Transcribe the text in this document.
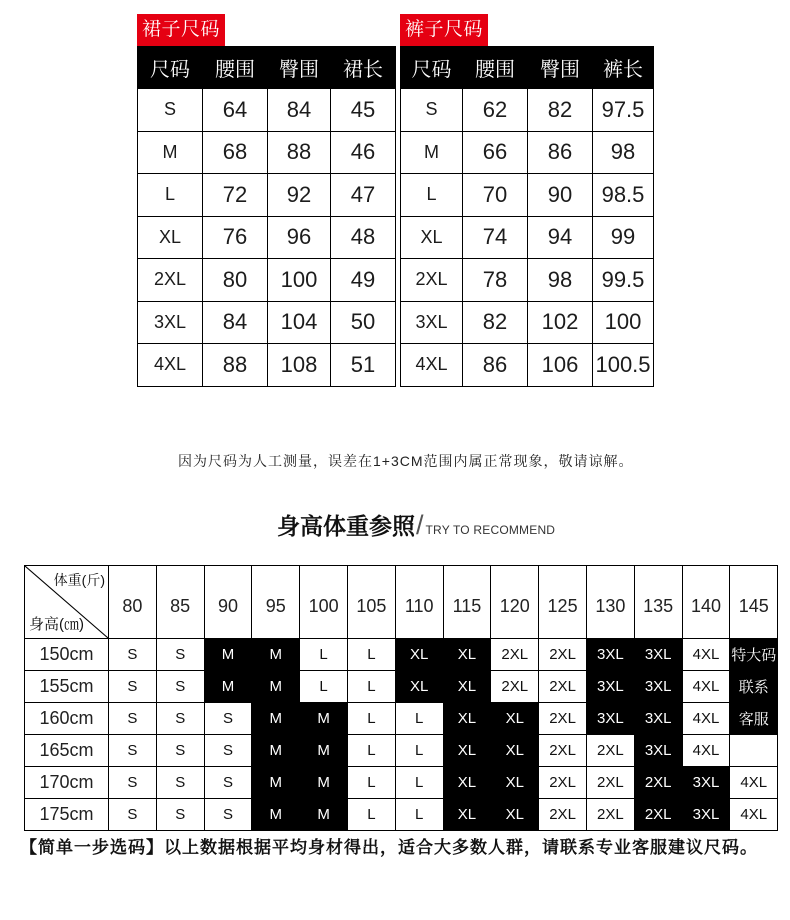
裙子尺码
尺码	腰围	臀围	裙长
S	64	84	45
M	68	88	46
L	72	92	47
XL	76	96	48
2XL	80	100	49
3XL	84	104	50
4XL	88	108	51
裤子尺码
尺码	腰围	臀围	裤长
S	62	82	97.5
M	66	86	98
L	70	90	98.5
XL	74	94	99
2XL	78	98	99.5
3XL	82	102	100
4XL	86	106	100.5
因为尺码为人工测量，误差在1+3CM范围内属正常现象，敬请谅解。
身高体重参照 / TRY TO RECOMMEND
体重(斤)
身高(㎝)	80	85	90	95	100	105	110	115	120	125	130	135	140	145
150cm	S	S	M	M	L	L	XL	XL	2XL	2XL	3XL	3XL	4XL	特大码
155cm	S	S	M	M	L	L	XL	XL	2XL	2XL	3XL	3XL	4XL	联系
160cm	S	S	S	M	M	L	L	XL	XL	2XL	3XL	3XL	4XL	客服
165cm	S	S	S	M	M	L	L	XL	XL	2XL	2XL	3XL	4XL	
170cm	S	S	S	M	M	L	L	XL	XL	2XL	2XL	2XL	3XL	4XL
175cm	S	S	S	M	M	L	L	XL	XL	2XL	2XL	2XL	3XL	4XL
【简单一步选码】以上数据根据平均身材得出，适合大多数人群，请联系专业客服建议尺码。
